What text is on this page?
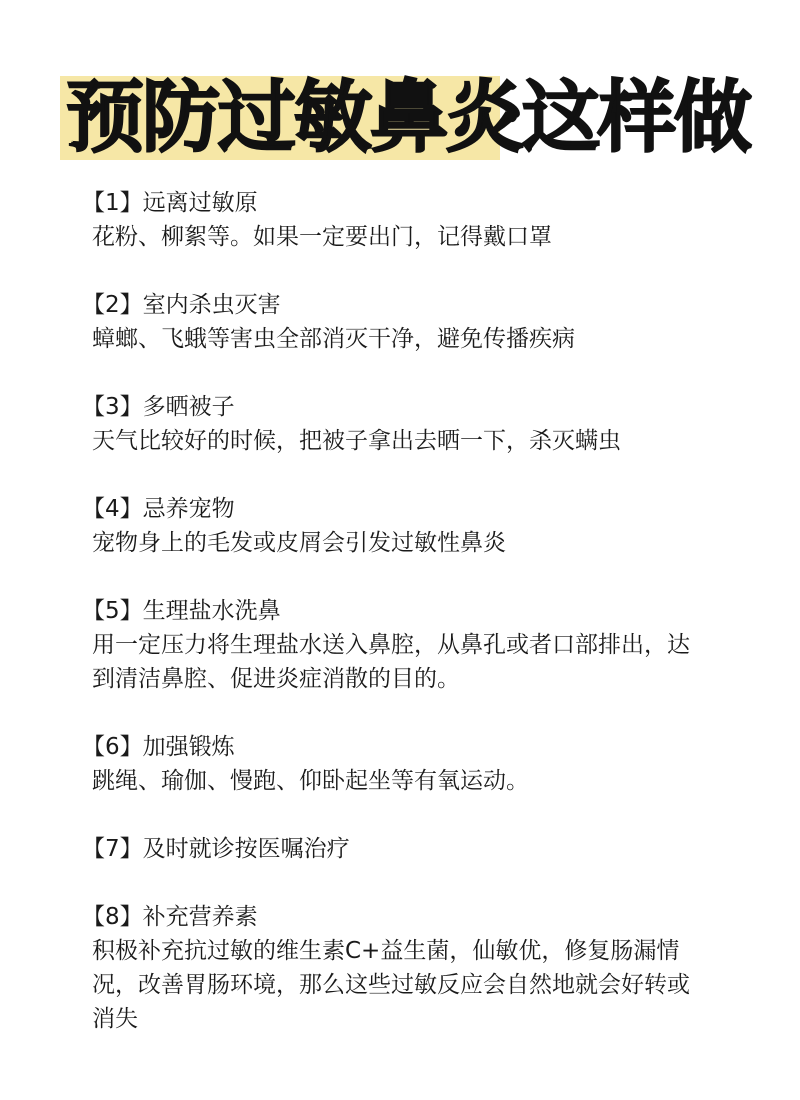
预防过敏鼻炎这样做
【1】远离过敏原

花粉、柳絮等。如果一定要出门，记得戴口罩

【2】室内杀虫灭害

蟑螂、飞蛾等害虫全部消灭干净，避免传播疾病

【3】多晒被子

天气比较好的时候，把被子拿出去晒一下，杀灭螨虫

【4】忌养宠物

宠物身上的毛发或皮屑会引发过敏性鼻炎

【5】生理盐水洗鼻

用一定压力将生理盐水送入鼻腔，从鼻孔或者口部排出，达

到清洁鼻腔、促进炎症消散的目的。

【6】加强锻炼

跳绳、瑜伽、慢跑、仰卧起坐等有氧运动。

【7】及时就诊按医嘱治疗
【8】补充营养素

积极补充抗过敏的维生素C+益生菌，仙敏优，修复肠漏情

况，改善胃肠环境，那么这些过敏反应会自然地就会好转或

消失
